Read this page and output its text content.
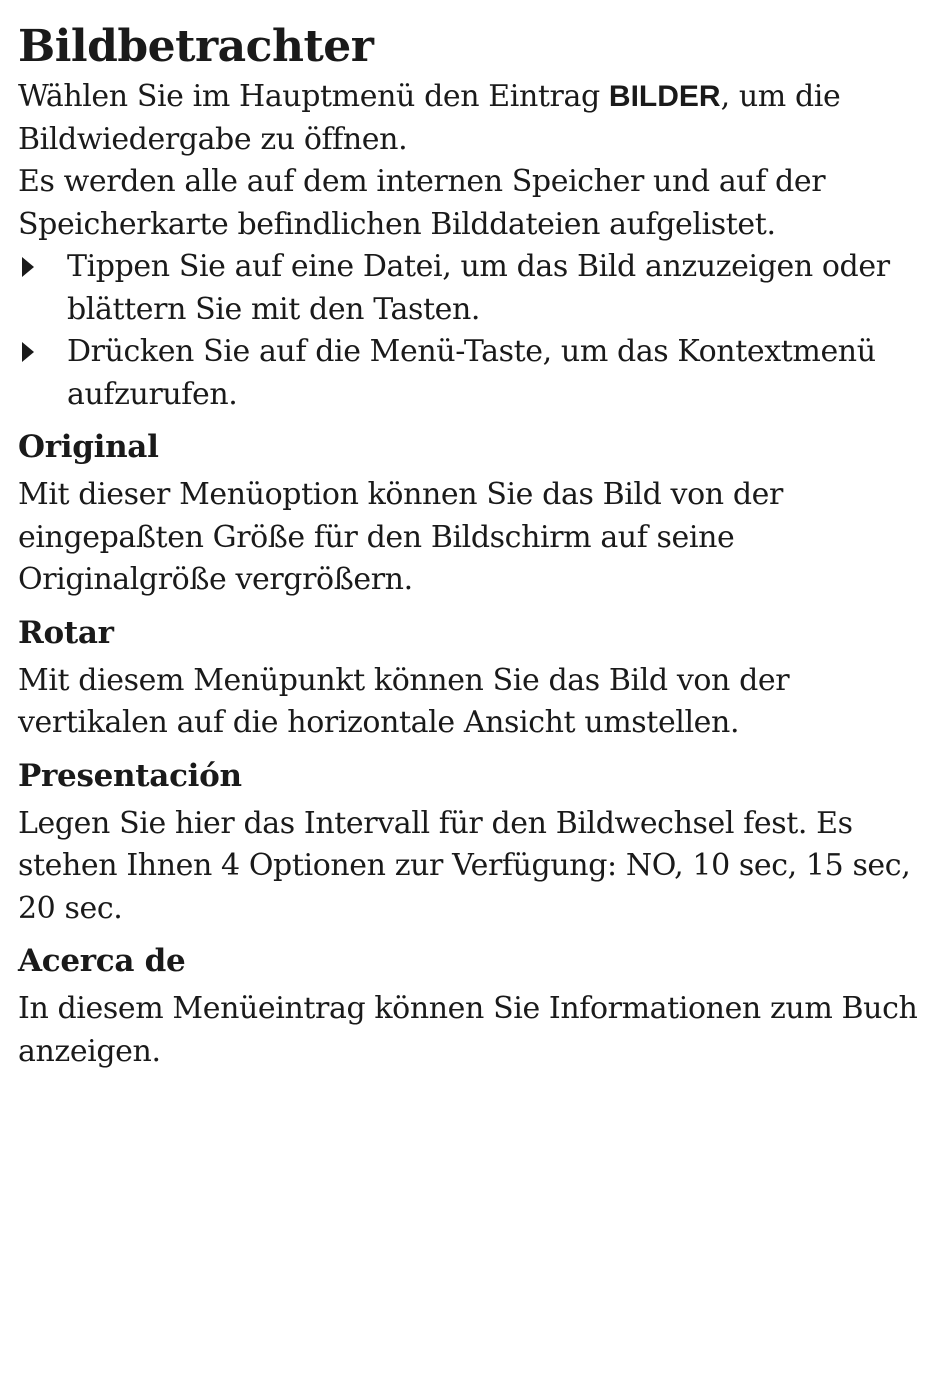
Bildbetrachter

Wählen Sie im Hauptmenü den Eintrag BILDER, um die Bildwiedergabe zu öffnen.

Es werden alle auf dem internen Speicher und auf der Speicherkarte befindlichen Bilddateien aufgelistet.

Tippen Sie auf eine Datei, um das Bild anzuzeigen oder blättern Sie mit den Tasten.
Drücken Sie auf die Menü-Taste, um das Kontextmenü aufzurufen.
Original

Mit dieser Menüoption können Sie das Bild von der eingepaßten Größe für den Bildschirm auf seine Originalgröße vergrößern.

Rotar

Mit diesem Menüpunkt können Sie das Bild von der vertikalen auf die horizontale Ansicht umstellen.

Presentación

Legen Sie hier das Intervall für den Bildwechsel fest. Es stehen Ihnen 4 Optionen zur Verfügung: NO, 10 sec, 15 sec, 20 sec.

Acerca de

In diesem Menüeintrag können Sie Informationen zum Buch anzeigen.
